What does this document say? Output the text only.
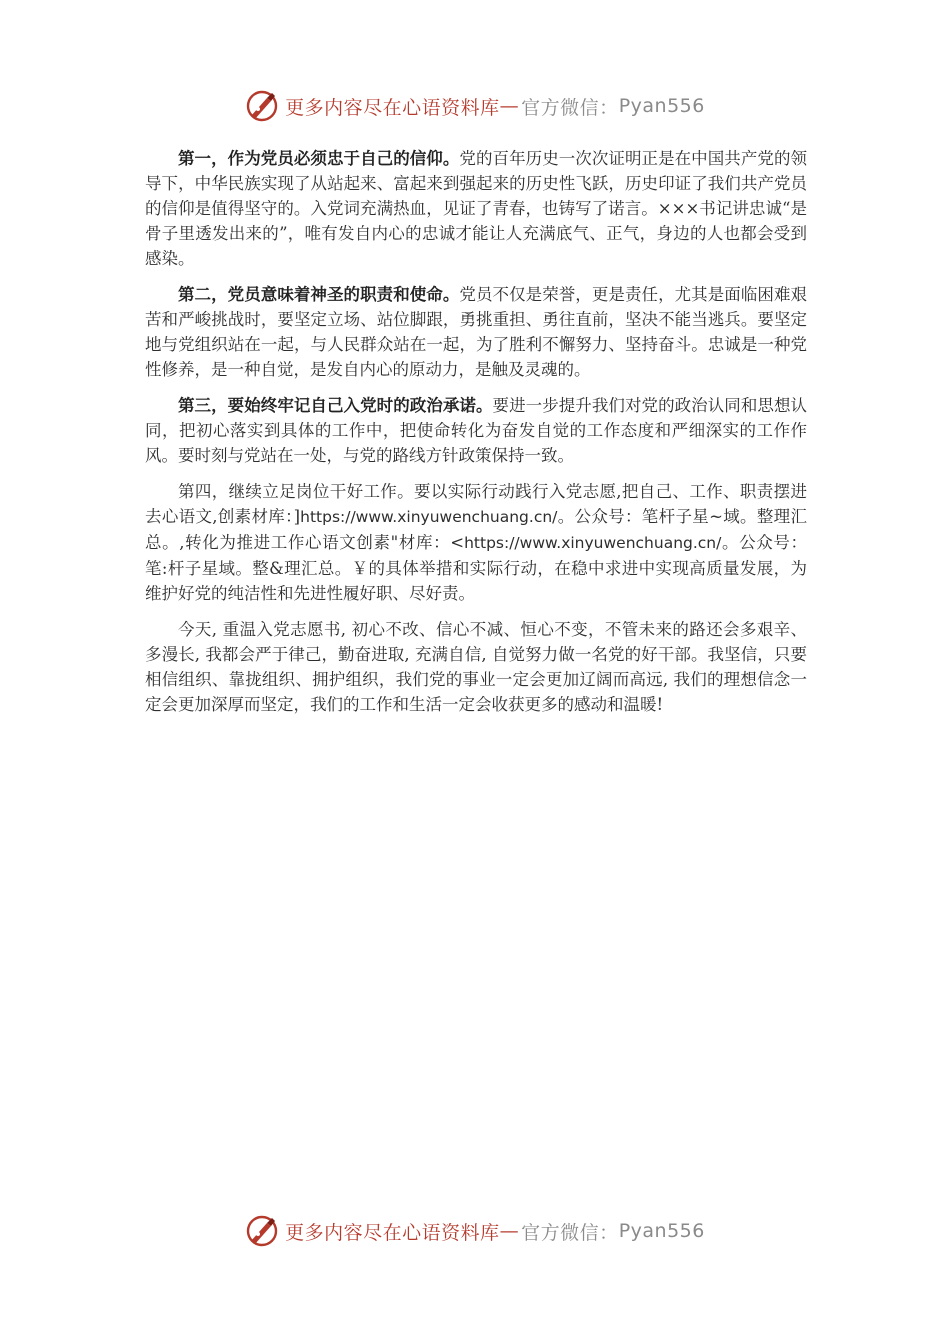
更多内容尽在心语资料库 — 官方微信： Pyan556

第一，作为党员必须忠于自己的信仰。党的百年历史一次次证明正是在中国共产党的领导下，中华民族实现了从站起来、富起来到强起来的历史性飞跃，历史印证了我们共产党员的信仰是值得坚守的。入党词充满热血，见证了青春，也铸写了诺言。×××书记讲忠诚“是骨子里透发出来的”，唯有发自内心的忠诚才能让人充满底气、正气，身边的人也都会受到感染。

第二，党员意味着神圣的职责和使命。党员不仅是荣誉，更是责任，尤其是面临困难艰苦和严峻挑战时，要坚定立场、站位脚跟，勇挑重担、勇往直前，坚决不能当逃兵。要坚定地与党组织站在一起，与人民群众站在一起，为了胜利不懈努力、坚持奋斗。忠诚是一种党性修养，是一种自觉，是发自内心的原动力，是触及灵魂的。

第三，要始终牢记自己入党时的政治承诺。要进一步提升我们对党的政治认同和思想认同，把初心落实到具体的工作中，把使命转化为奋发自觉的工作态度和严细深实的工作作风。要时刻与党站在一处，与党的路线方针政策保持一致。

第四，继续立足岗位干好工作。要以实际行动践行入党志愿,把自己、工作、职责摆进去心语文,创素材库：]https://www.xinyuwenchuang.cn/。公众号：笔杆子星~域。整理汇总。,转化为推进工作心语文创素"材库：<https://www.xinyuwenchuang.cn/。公众号：笔:杆子星域。整&理汇总。￥的具体举措和实际行动，在稳中求进中实现高质量发展，为维护好党的纯洁性和先进性履好职、尽好责。

今天, 重温入党志愿书, 初心不改、信心不减、恒心不变，不管未来的路还会多艰辛、多漫长, 我都会严于律己，勤奋进取, 充满自信, 自觉努力做一名党的好干部。我坚信，只要相信组织、靠拢组织、拥护组织，我们党的事业一定会更加辽阔而高远, 我们的理想信念一定会更加深厚而坚定，我们的工作和生活一定会收获更多的感动和温暖!

更多内容尽在心语资料库 — 官方微信： Pyan556
